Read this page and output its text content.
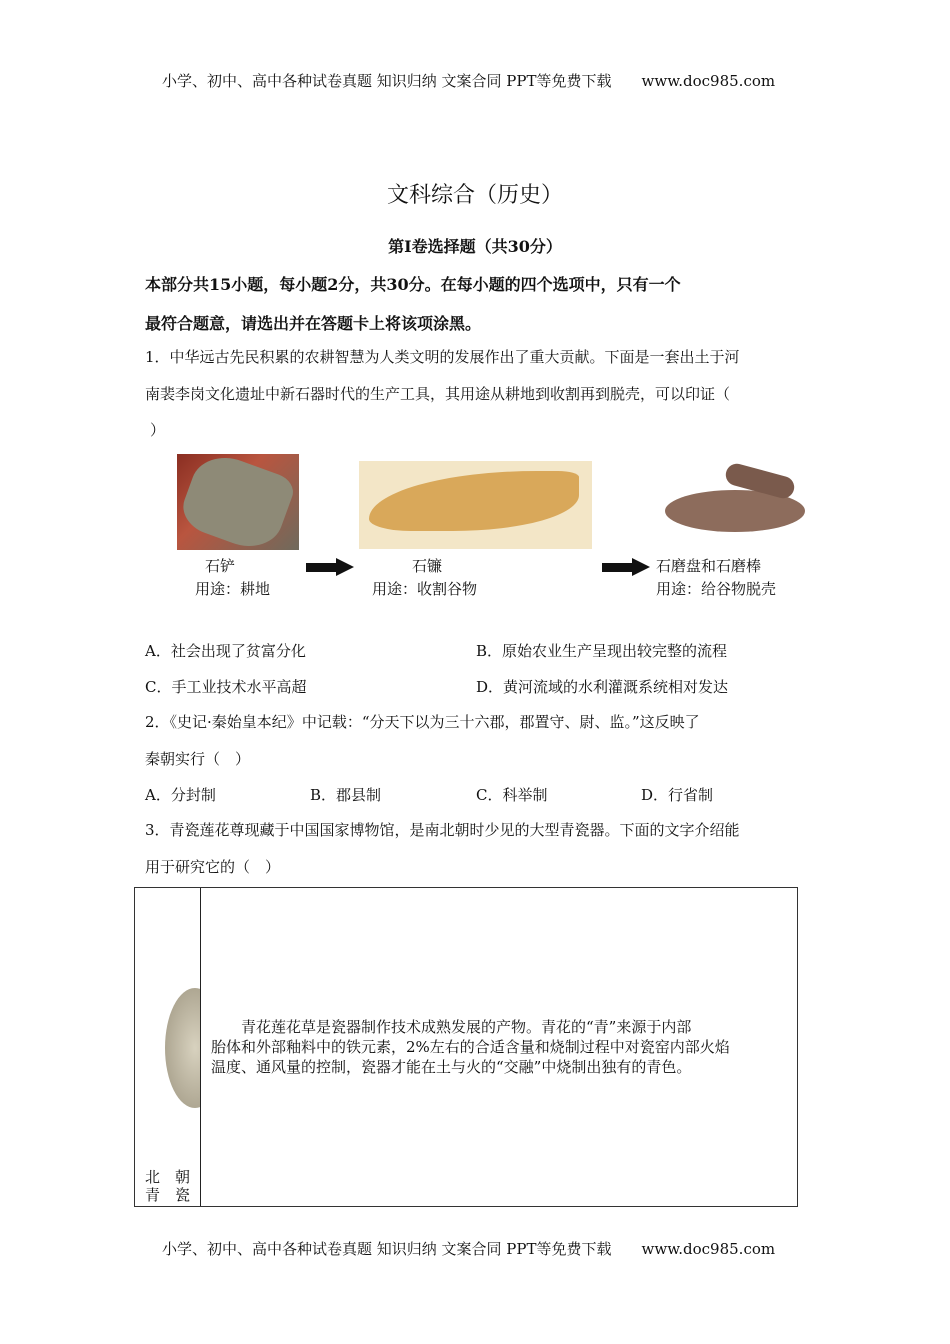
小学、初中、高中各种试卷真题 知识归纳 文案合同 PPT等免费下载　　 www.doc985.com
文科综合（历史）
第I卷选择题（共30分）
本部分共15小题，每小题2分，共30分。在每小题的四个选项中，只有一个
最符合题意，请选出并在答题卡上将该项涂黑。
1．中华远古先民积累的农耕智慧为人类文明的发展作出了重大贡献。下面是一套出土于河
南裴李岗文化遗址中新石器时代的生产工具，其用途从耕地到收割再到脱壳，可以印证（
）
石铲
用途：耕地
石镰
用途：收割谷物
石磨盘和石磨棒
用途：给谷物脱壳
A．社会出现了贫富分化	B．原始农业生产呈现出较完整的流程
C．手工业技术水平高超	D．黄河流域的水利灌溉系统相对发达
2．《史记·秦始皇本纪》中记载：“分天下以为三十六郡，郡置守、尉、监。”这反映了
秦朝实行（　）
A．分封制	B．郡县制	C．科举制	D．行省制
3．青瓷莲花尊现藏于中国国家博物馆，是南北朝时少见的大型青瓷器。下面的文字介绍能
用于研究它的（　）
北　朝
青　瓷
　　青花莲花草是瓷器制作技术成熟发展的产物。青花的“青”来源于内部
胎体和外部釉料中的铁元素，2%左右的合适含量和烧制过程中对瓷窑内部火焰
温度、通风量的控制，瓷器才能在土与火的“交融”中烧制出独有的青色。
小学、初中、高中各种试卷真题 知识归纳 文案合同 PPT等免费下载　　 www.doc985.com
